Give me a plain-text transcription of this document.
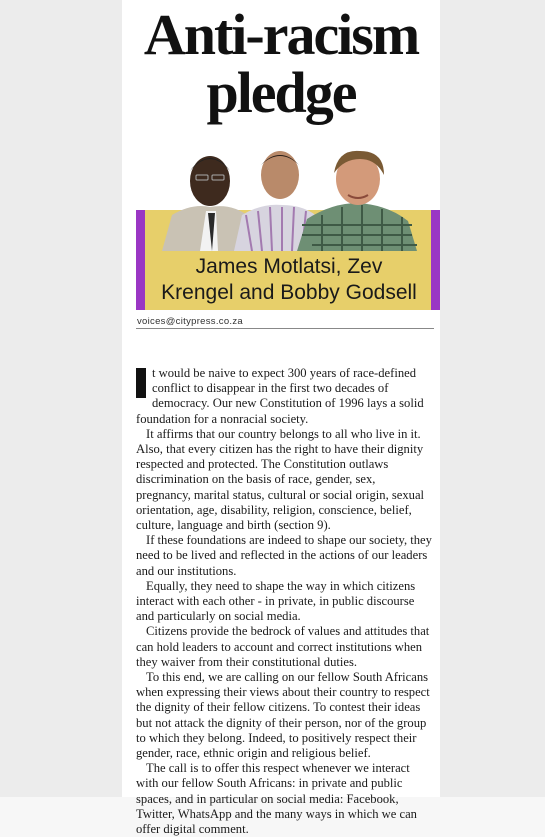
Anti-racism
pledge
James Motlatsi, Zev
Krengel and Bobby Godsell
voices@citypress.co.za

t would be naive to expect 300 years of race-defined conflict to disappear in the first two decades of democracy. Our new Constitution of 1996 lays a solid foundation for a nonracial society.

It affirms that our country belongs to all who live in it. Also, that every citizen has the right to have their dignity respected and protected. The Constitution outlaws discrimination on the basis of race, gender, sex, pregnancy, marital status, cultural or social origin, sexual orientation, age, disability, religion, conscience, belief, culture, language and birth (section 9).

If these foundations are indeed to shape our society, they need to be lived and reflected in the actions of our leaders and our institutions.

Equally, they need to shape the way in which citizens interact with each other - in private, in public discourse and particularly on social media.

Citizens provide the bedrock of values and attitudes that can hold leaders to account and correct institutions when they waiver from their constitutional duties.

To this end, we are calling on our fellow South Africans when expressing their views about their country to respect the dignity of their fellow citizens. To contest their ideas but not attack the dignity of their person, nor of the group to which they belong. Indeed, to positively respect their gender, race, ethnic origin and religious belief.

The call is to offer this respect whenever we interact with our fellow South Africans: in private and public spaces, and in particular on social media: Facebook, Twitter, WhatsApp and the many ways in which we can offer digital comment.
